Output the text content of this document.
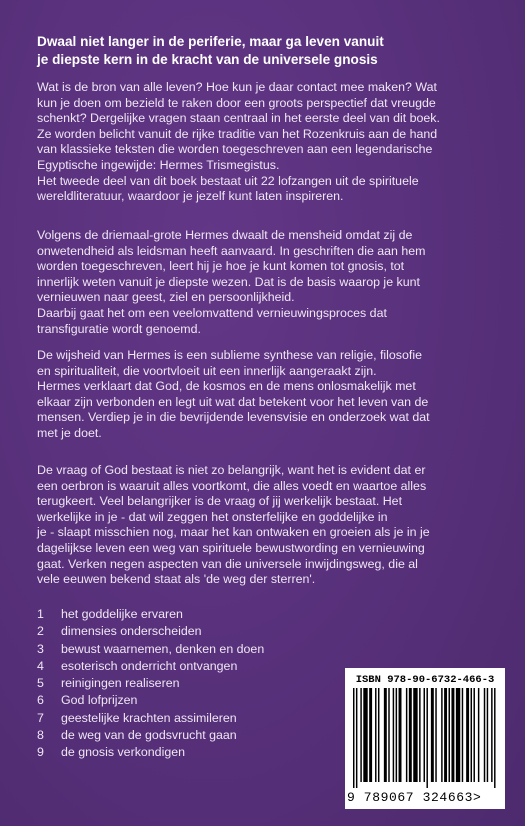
Dwaal niet langer in de periferie, maar ga leven vanuit
je diepste kern in de kracht van de universele gnosis
Wat is de bron van alle leven? Hoe kun je daar contact mee maken? Wat
kun je doen om bezield te raken door een groots perspectief dat vreugde
schenkt? Dergelijke vragen staan centraal in het eerste deel van dit boek.
Ze worden belicht vanuit de rijke traditie van het Rozenkruis aan de hand
van klassieke teksten die worden toegeschreven aan een legendarische
Egyptische ingewijde: Hermes Trismegistus.
Het tweede deel van dit boek bestaat uit 22 lofzangen uit de spirituele
wereldliteratuur, waardoor je jezelf kunt laten inspireren.
Volgens de driemaal-grote Hermes dwaalt de mensheid omdat zij de
onwetendheid als leidsman heeft aanvaard. In geschriften die aan hem
worden toegeschreven, leert hij je hoe je kunt komen tot gnosis, tot
innerlijk weten vanuit je diepste wezen. Dat is de basis waarop je kunt
vernieuwen naar geest, ziel en persoonlijkheid.
Daarbij gaat het om een veelomvattend vernieuwingsproces dat
transfiguratie wordt genoemd.
De wijsheid van Hermes is een sublieme synthese van religie, filosofie
en spiritualiteit, die voortvloeit uit een innerlijk aangeraakt zijn.
Hermes verklaart dat God, de kosmos en de mens onlosmakelijk met
elkaar zijn verbonden en legt uit wat dat betekent voor het leven van de
mensen. Verdiep je in die bevrijdende levensvisie en onderzoek wat dat
met je doet.
De vraag of God bestaat is niet zo belangrijk, want het is evident dat er
een oerbron is waaruit alles voortkomt, die alles voedt en waartoe alles
terugkeert. Veel belangrijker is de vraag of jij werkelijk bestaat. Het
werkelijke in je - dat wil zeggen het onsterfelijke en goddelijke in
je - slaapt misschien nog, maar het kan ontwaken en groeien als je in je
dagelijkse leven een weg van spirituele bewustwording en vernieuwing
gaat. Verken negen aspecten van die universele inwijdingsweg, die al
vele eeuwen bekend staat als 'de weg der sterren'.
1	het goddelijke ervaren
2	dimensies onderscheiden
3	bewust waarnemen, denken en doen
4	esoterisch onderricht ontvangen
5	reinigingen realiseren
6	God lofprijzen
7	geestelijke krachten assimileren
8	de weg van de godsvrucht gaan
9	de gnosis verkondigen
ISBN 978-90-6732-466-3
9 789067 324663>
